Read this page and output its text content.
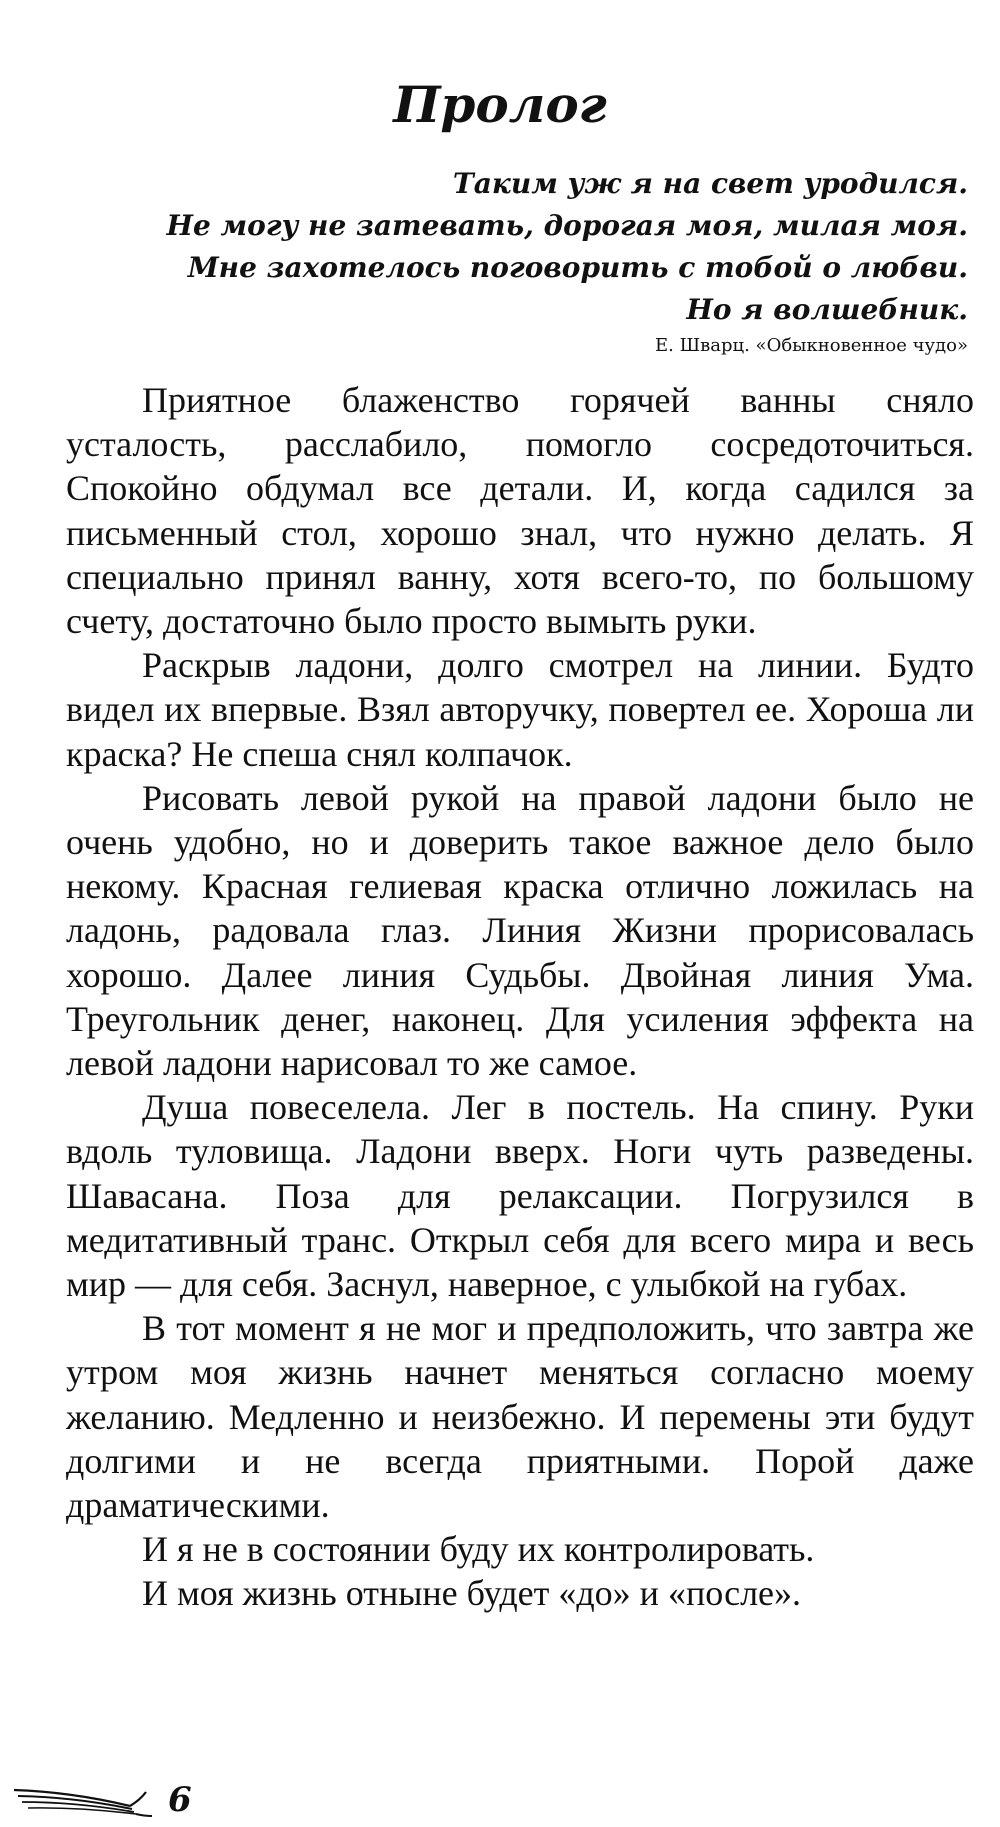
Пролог
Таким уж я на свет уродился.
Не могу не затевать, дорогая моя, милая моя.
Мне захотелось поговорить с тобой о любви.
Но я волшебник.
Е. Шварц. «Обыкновенное чудо»

Приятное блаженство горячей ванны сняло усталость, расслабило, помогло сосредоточиться. Спокойно обдумал все детали. И, когда садился за письменный стол, хорошо знал, что нужно делать. Я специально принял ванну, хотя всего-то, по большому счету, достаточно было просто вымыть руки.

Раскрыв ладони, долго смотрел на линии. Будто видел их впервые. Взял авторучку, повертел ее. Хороша ли краска? Не спеша снял колпачок.

Рисовать левой рукой на правой ладони было не очень удобно, но и доверить такое важное дело было некому. Красная гелиевая краска отлично ложилась на ладонь, радовала глаз. Линия Жизни прорисовалась хорошо. Далее линия Судьбы. Двойная линия Ума. Треугольник денег, наконец. Для усиления эффекта на левой ладони нарисовал то же самое.

Душа повеселела. Лег в постель. На спину. Руки вдоль туловища. Ладони вверх. Ноги чуть разведены. Шавасана. Поза для релаксации. Погрузился в медитативный транс. Открыл себя для всего мира и весь мир — для себя. Заснул, наверное, с улыбкой на губах.

В тот момент я не мог и предположить, что завтра же утром моя жизнь начнет меняться согласно моему желанию. Медленно и неизбежно. И перемены эти будут долгими и не всегда приятными. Порой даже драматическими.

И я не в состоянии буду их контролировать.

И моя жизнь отныне будет «до» и «после».

6
